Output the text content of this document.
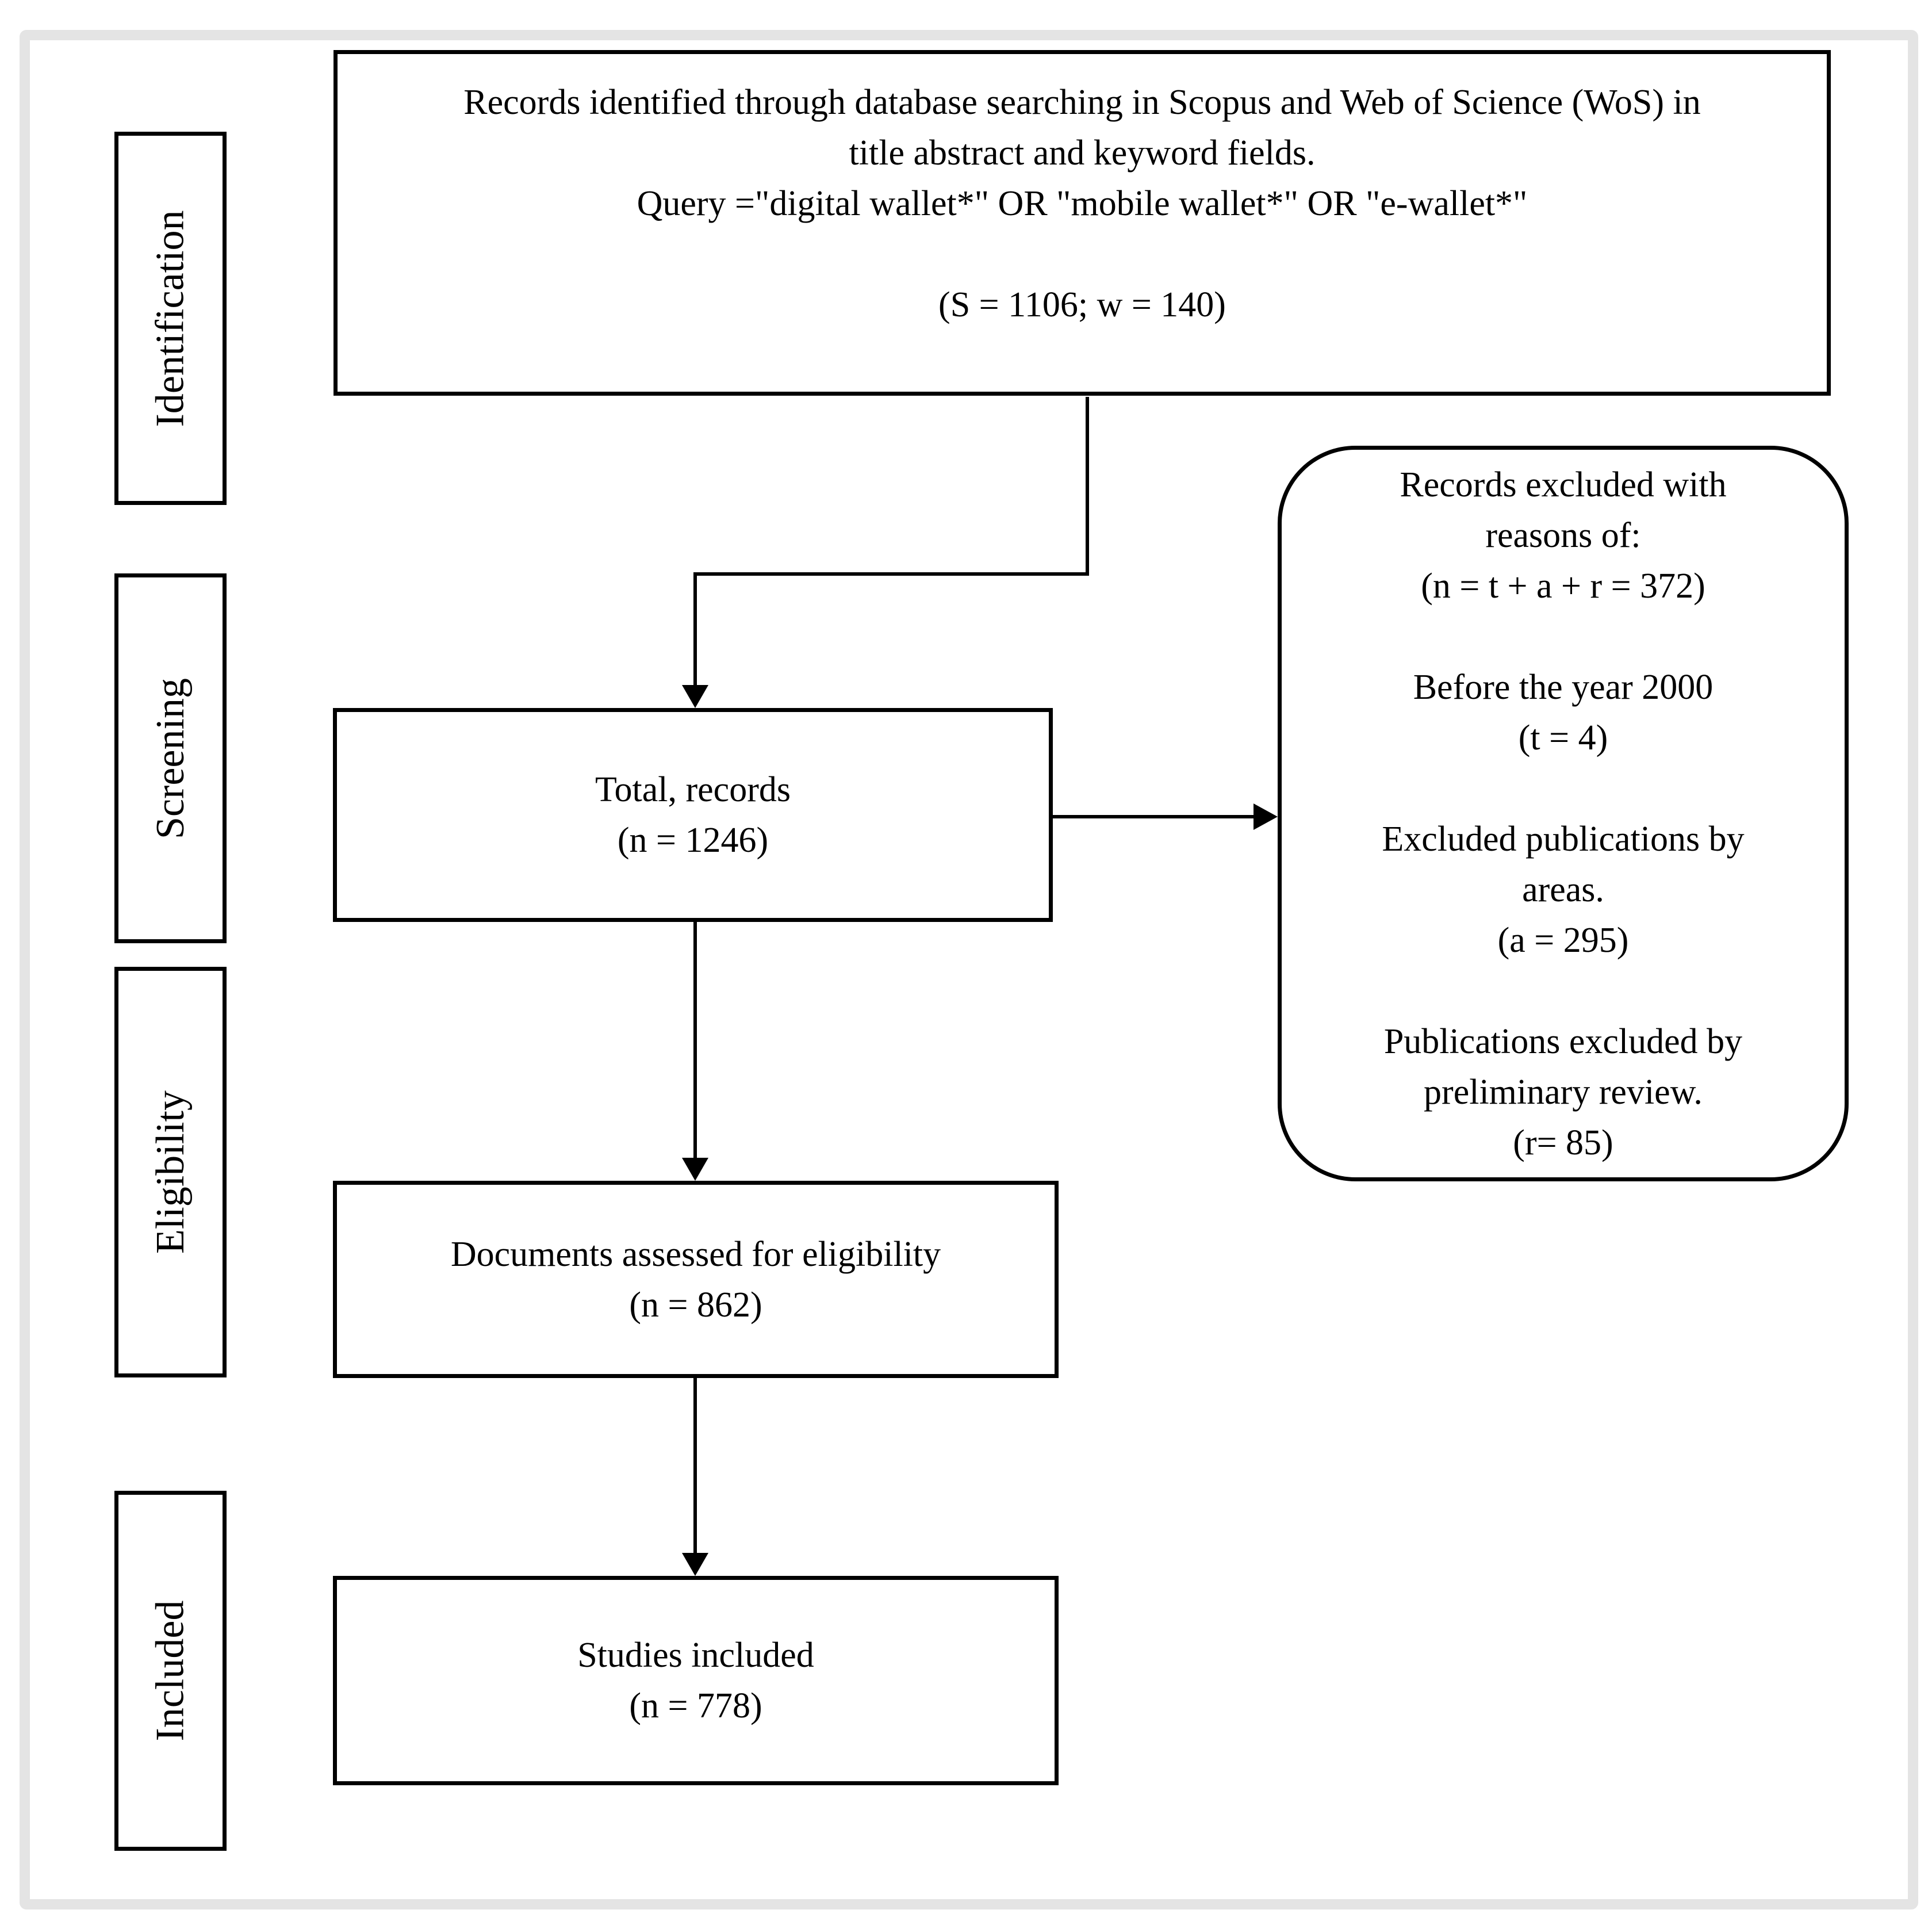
Identification
Screening
Eligibility
Included

Records identified through database searching in Scopus and Web of Science (WoS) in

title abstract and keyword fields.

Query ="digital wallet*" OR "mobile wallet*" OR "e-wallet*"

(S = 1106; w = 140)

Total, records

(n = 1246)

Records excluded with

reasons of:

(n = t + a + r = 372)

Before the year 2000

(t = 4)

Excluded publications by

areas.

(a = 295)

Publications excluded by

preliminary review.

(r= 85)

Documents assessed for eligibility

(n = 862)

Studies included

(n = 778)
